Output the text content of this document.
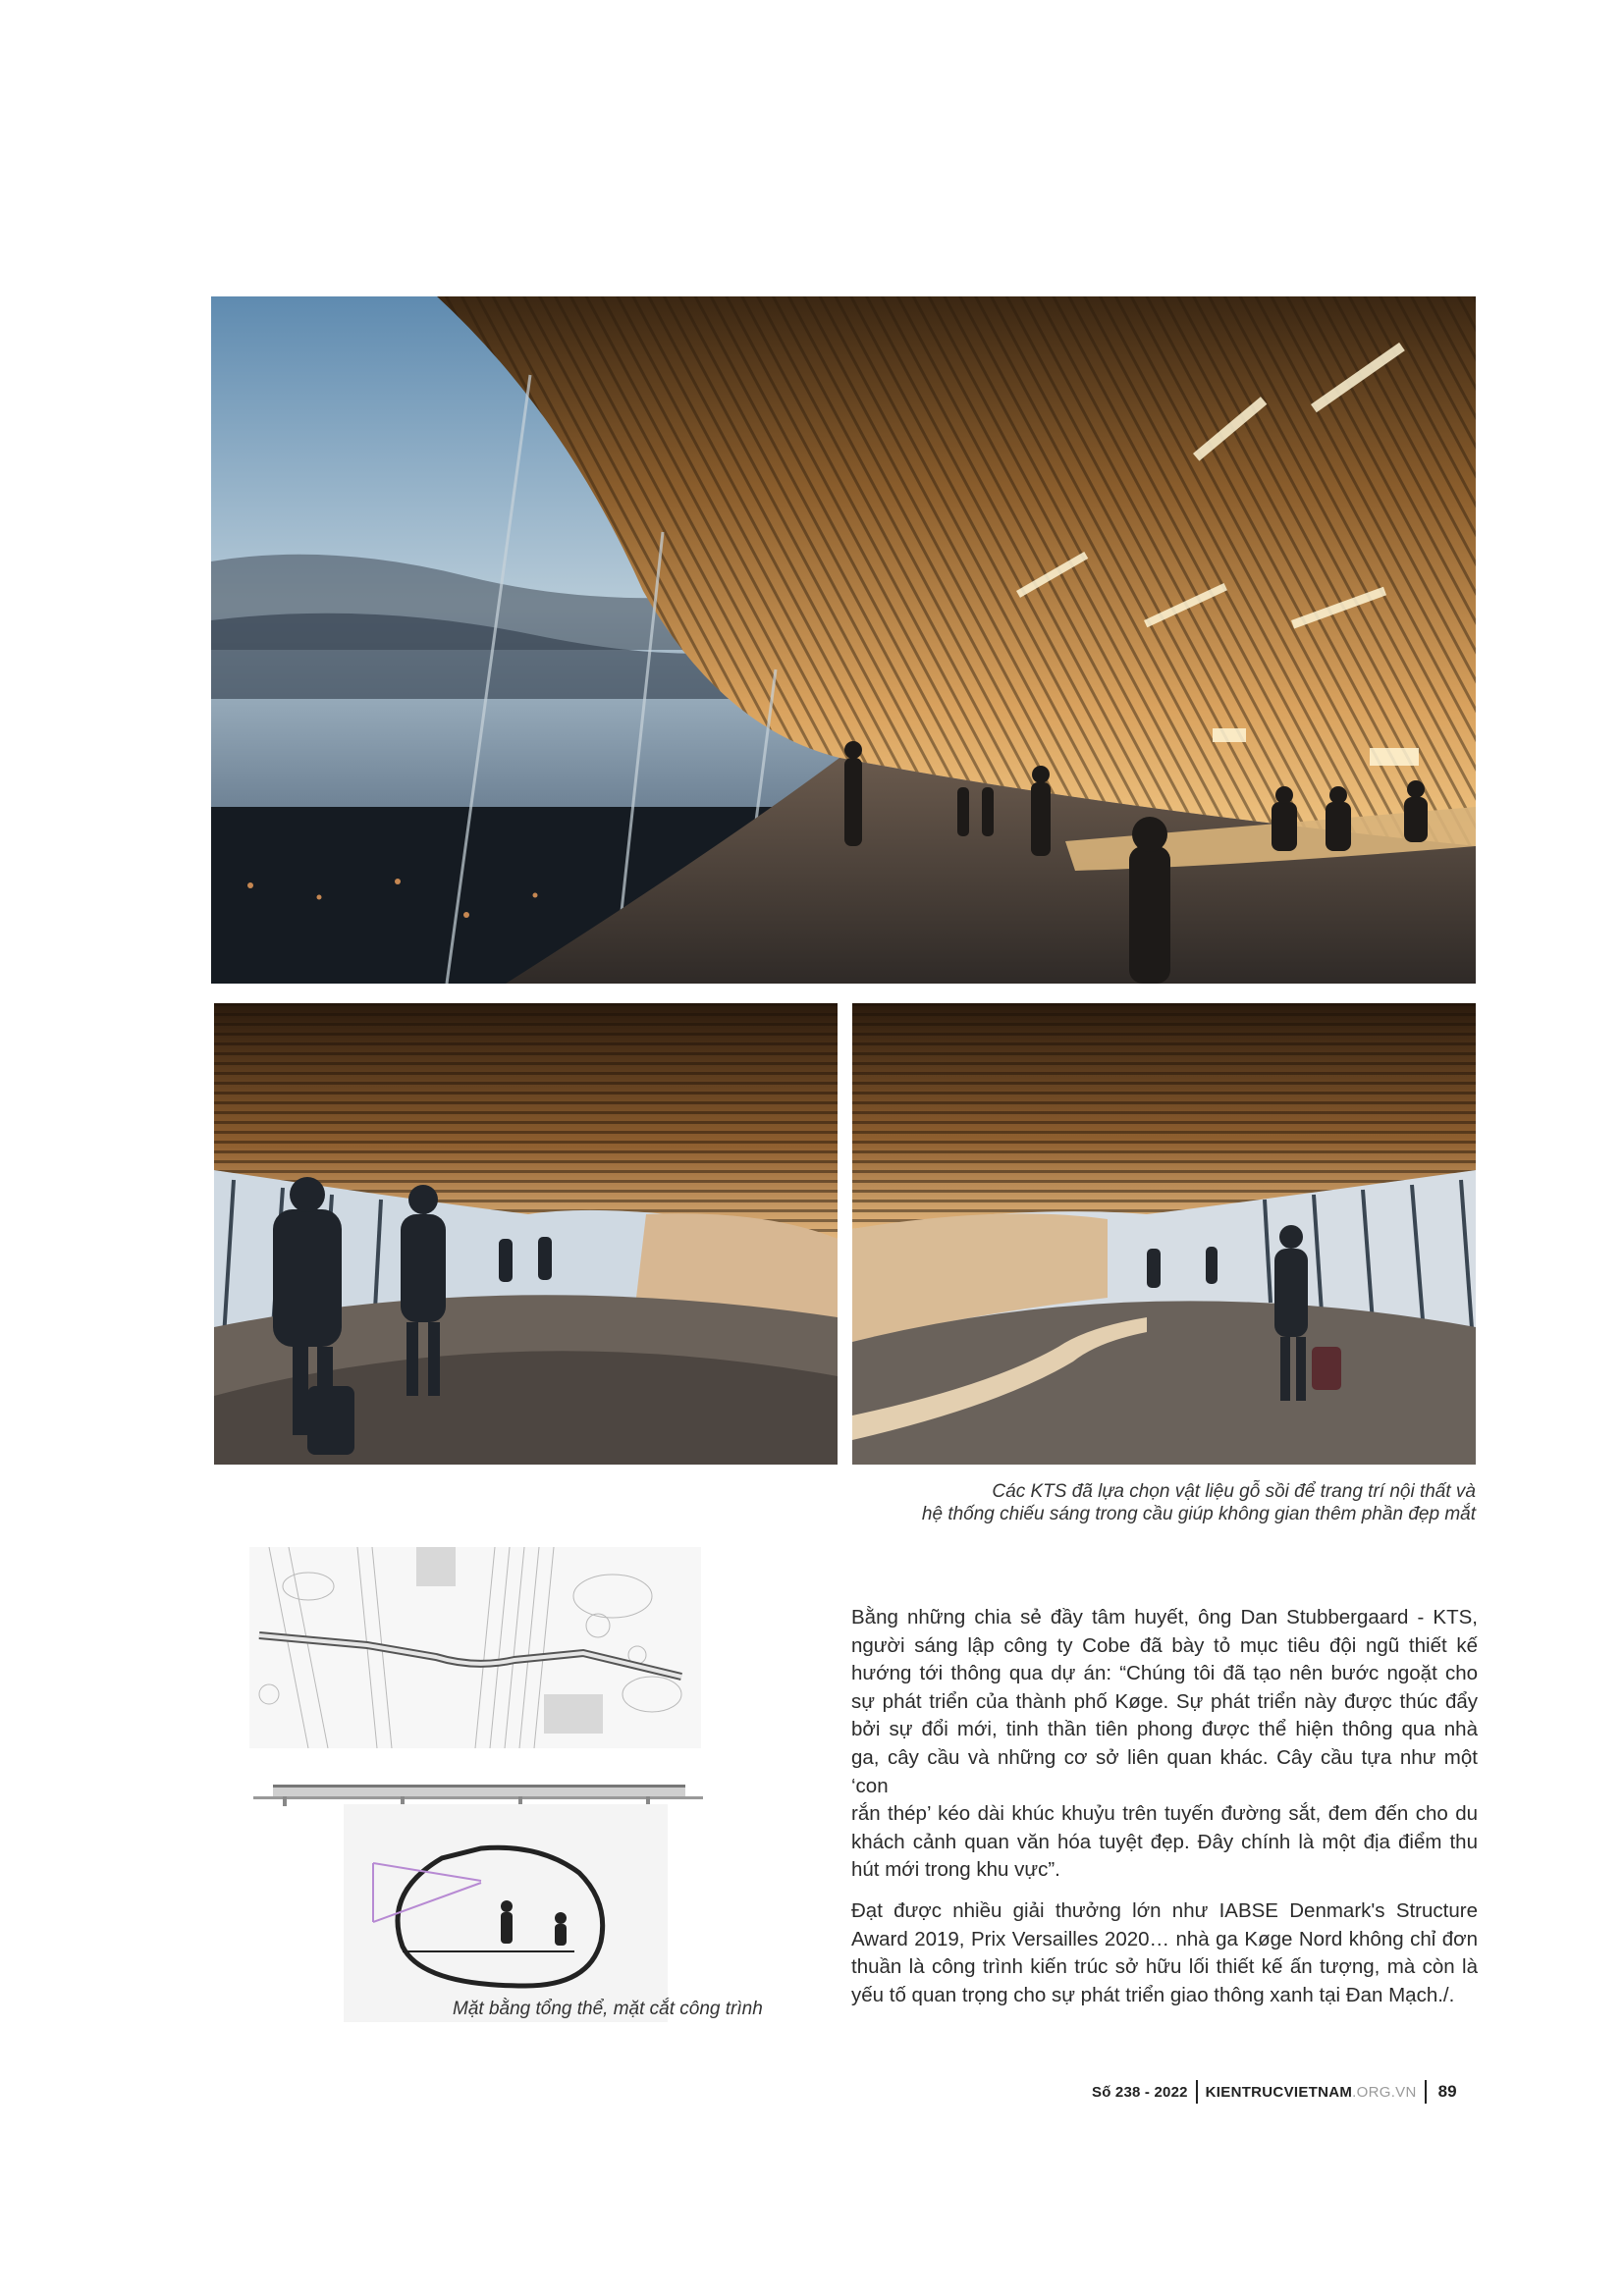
Các KTS đã lựa chọn vật liệu gỗ sồi để trang trí nội thất và
hệ thống chiếu sáng trong cầu giúp không gian thêm phần đẹp mắt
Mặt bằng tổng thể, mặt cắt công trình
Bằng những chia sẻ đầy tâm huyết, ông Dan Stubbergaard - KTS,
người sáng lập công ty Cobe đã bày tỏ mục tiêu đội ngũ thiết kế
hướng tới thông qua dự án: “Chúng tôi đã tạo nên bước ngoặt cho
sự phát triển của thành phố Køge. Sự phát triển này được thúc đẩy
bởi sự đổi mới, tinh thần tiên phong được thể hiện thông qua nhà
ga, cây cầu và những cơ sở liên quan khác. Cây cầu tựa như một ‘con
rắn thép’ kéo dài khúc khuỷu trên tuyến đường sắt, đem đến cho du
khách cảnh quan văn hóa tuyệt đẹp. Đây chính là một địa điểm thu
hút mới trong khu vực”.
Đạt được nhiều giải thưởng lớn như IABSE Denmark's Structure
Award 2019, Prix Versailles 2020… nhà ga Køge Nord không chỉ đơn
thuần là công trình kiến trúc sở hữu lối thiết kế ấn tượng, mà còn là
yếu tố quan trọng cho sự phát triển giao thông xanh tại Đan Mạch./.
Số 238 - 2022 KIENTRUCVIETNAM .ORG.VN 89
